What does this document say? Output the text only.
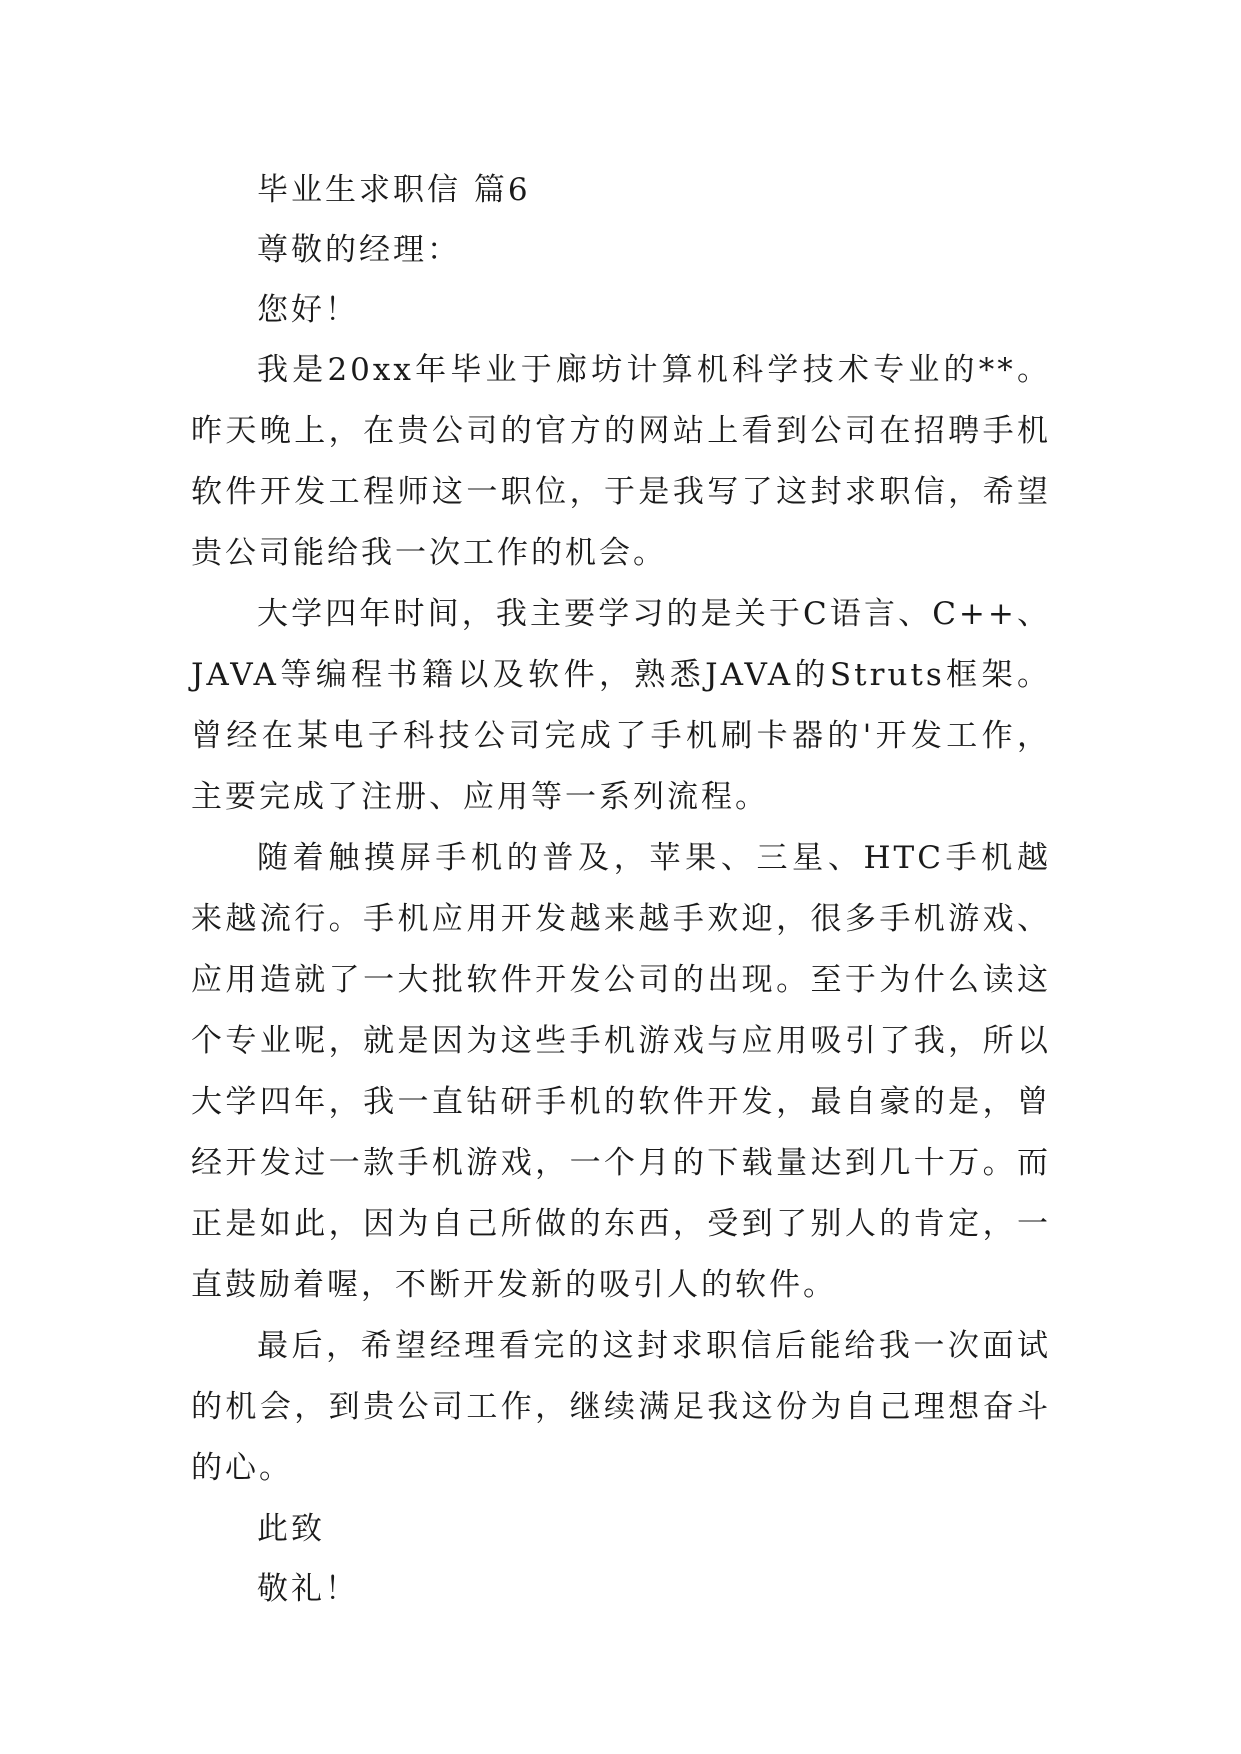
毕业生求职信 篇6

尊敬的经理：

您好！

我是20xx年毕业于廊坊计算机科学技术专业的**。昨天晚上，在贵公司的官方的网站上看到公司在招聘手机软件开发工程师这一职位，于是我写了这封求职信，希望贵公司能给我一次工作的机会。

大学四年时间，我主要学习的是关于C语言、C++、JAVA等编程书籍以及软件，熟悉JAVA的Struts框架。曾经在某电子科技公司完成了手机刷卡器的'开发工作，主要完成了注册、应用等一系列流程。

随着触摸屏手机的普及，苹果、三星、HTC手机越来越流行。手机应用开发越来越手欢迎，很多手机游戏、应用造就了一大批软件开发公司的出现。至于为什么读这个专业呢，就是因为这些手机游戏与应用吸引了我，所以大学四年，我一直钻研手机的软件开发，最自豪的是，曾经开发过一款手机游戏，一个月的下载量达到几十万。而正是如此，因为自己所做的东西，受到了别人的肯定，一直鼓励着喔，不断开发新的吸引人的软件。

最后，希望经理看完的这封求职信后能给我一次面试的机会，到贵公司工作，继续满足我这份为自己理想奋斗的心。

此致

敬礼！
